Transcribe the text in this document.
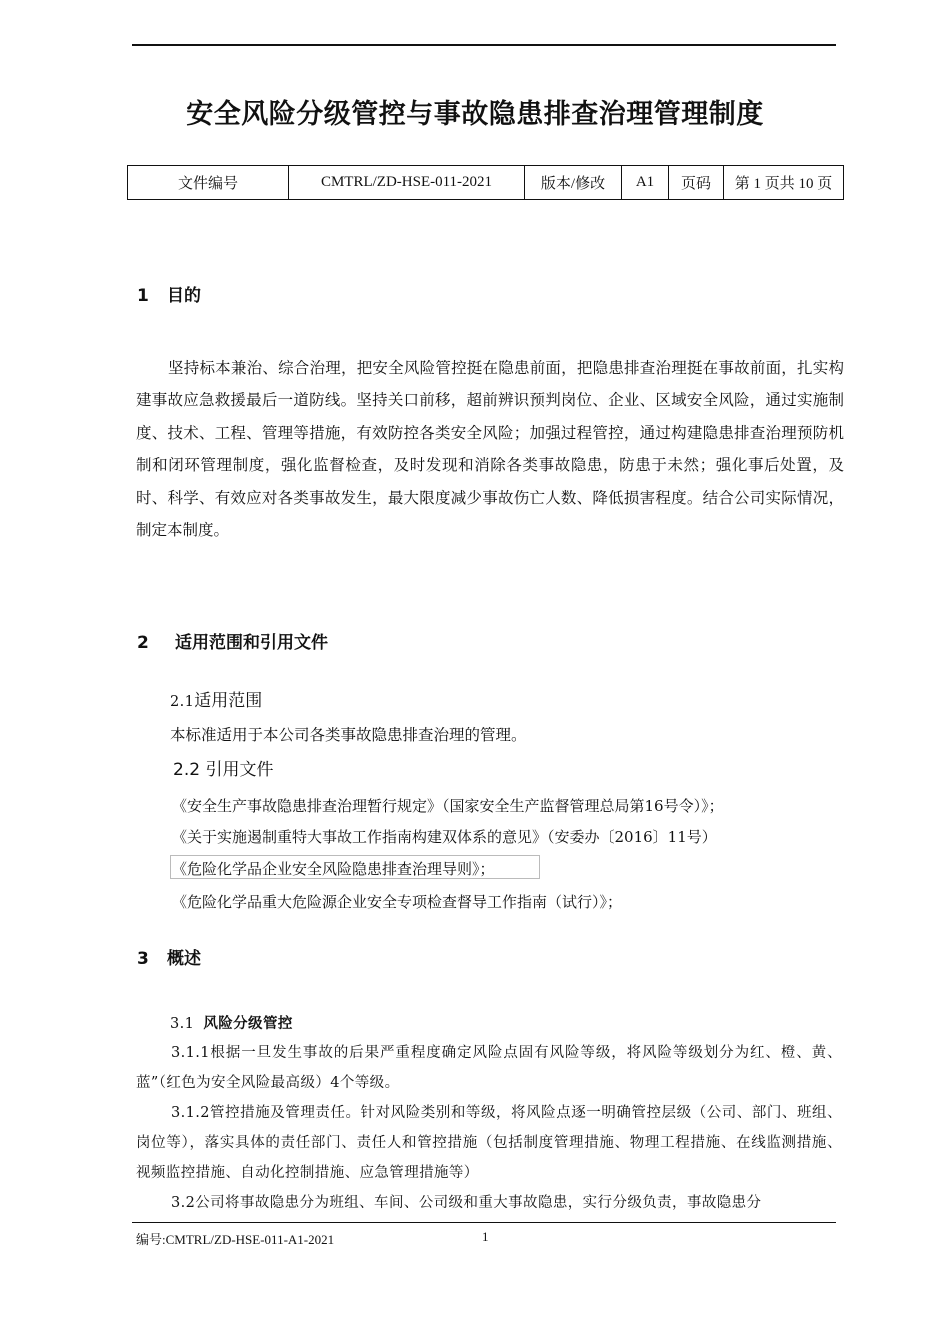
安全风险分级管控与事故隐患排查治理管理制度
文件编号	CMTRL/ZD-HSE-011-2021	版本/修改	A1	页码	第 1 页共 10 页
1 目的
坚持标本兼治、综合治理，把安全风险管控挺在隐患前面，把隐患排查治理挺在事故前面，扎实构建事故应急救援最后一道防线。坚持关口前移，超前辨识预判岗位、企业、区域安全风险，通过实施制度、技术、工程、管理等措施，有效防控各类安全风险；加强过程管控，通过构建隐患排查治理预防机制和闭环管理制度，强化监督检查，及时发现和消除各类事故隐患，防患于未然；强化事后处置，及时、科学、有效应对各类事故发生，最大限度减少事故伤亡人数、降低损害程度。结合公司实际情况，制定本制度。
2 适用范围和引用文件
2.1适用范围
本标准适用于本公司各类事故隐患排查治理的管理。
2.2 引用文件
《安全生产事故隐患排查治理暂行规定》（国家安全生产监督管理总局第16号令）》；
《关于实施遏制重特大事故工作指南构建双体系的意见》（安委办〔2016〕11号）
《危险化学品企业安全风险隐患排查治理导则》；
《危险化学品重大危险源企业安全专项检查督导工作指南（试行）》；
3 概述
3.1 风险分级管控
3.1.1根据一旦发生事故的后果严重程度确定风险点固有风险等级，将风险等级划分为红、橙、黄、蓝”（红色为安全风险最高级）4个等级。
3.1.2管控措施及管理责任。针对风险类别和等级，将风险点逐一明确管控层级（公司、部门、班组、岗位等），落实具体的责任部门、责任人和管控措施（包括制度管理措施、物理工程措施、在线监测措施、视频监控措施、自动化控制措施、应急管理措施等）
3.2公司将事故隐患分为班组、车间、公司级和重大事故隐患，实行分级负责，事故隐患分
编号:CMTRL/ZD-HSE-011-A1-2021	1
